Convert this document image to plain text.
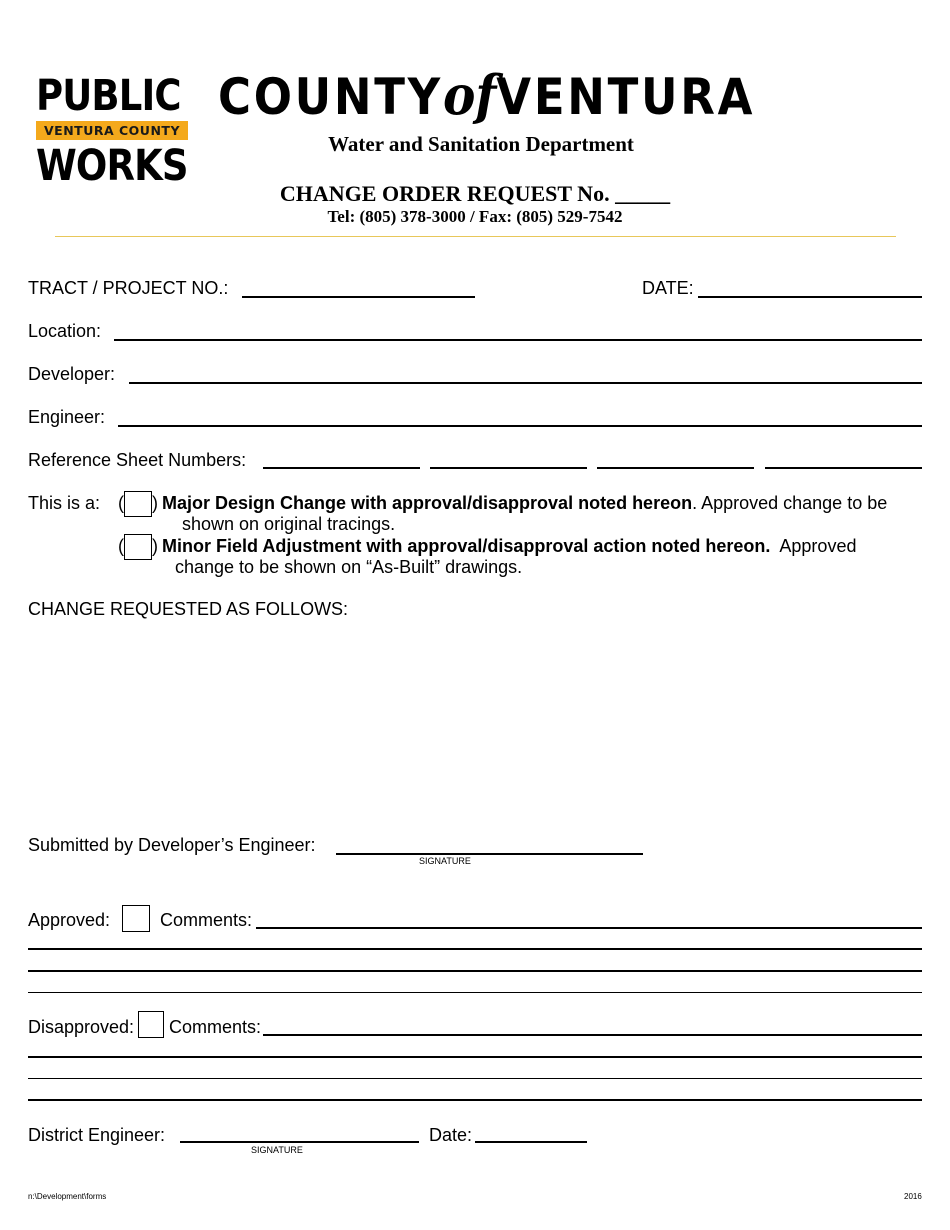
PUBLIC
VENTURA COUNTY
WORKS
COUNTYofVENTURA
Water and Sanitation Department
CHANGE ORDER REQUEST No. _____
Tel: (805) 378-3000 / Fax: (805) 529-7542
TRACT / PROJECT NO.:	DATE:
Location:
Developer:
Engineer:
Reference Sheet Numbers:
This is a: ( ) Major Design Change with approval/disapproval noted hereon. Approved change to be
shown on original tracings.
( ) Minor Field Adjustment with approval/disapproval action noted hereon. Approved
change to be shown on “As-Built” drawings.
CHANGE REQUESTED AS FOLLOWS:
Submitted by Developer’s Engineer:
SIGNATURE
Approved:	Comments:
Disapproved: Comments:
District Engineer:
SIGNATURE
Date:
n:\Development\forms	2016
